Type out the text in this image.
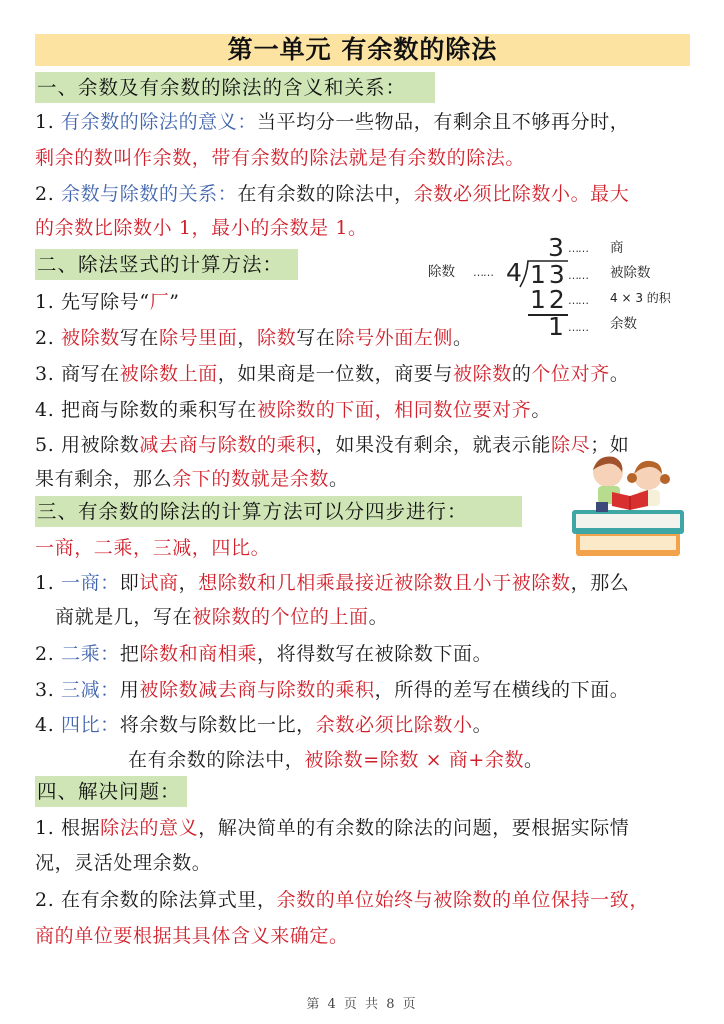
第一单元 有余数的除法
一、余数及有余数的除法的含义和关系：
1. 有余数的除法的意义：当平均分一些物品，有剩余且不够再分时，
剩余的数叫作余数，带有余数的除法就是有余数的除法。
2. 余数与除数的关系：在有余数的除法中，余数必须比除数小。最大
的余数比除数小 1，最小的余数是 1。
二、除法竖式的计算方法：
1. 先写除号“厂”
2. 被除数写在除号里面，除数写在除号外面左侧。
3. 商写在被除数上面，如果商是一位数，商要与被除数的个位对齐。
4. 把商与除数的乘积写在被除数的下面，相同数位要对齐。
5. 用被除数减去商与除数的乘积，如果没有剩余，就表示能除尽；如
果有剩余，那么余下的数就是余数。
3 …… 商
除数 …… 4 13 …… 被除数
12 …… 4 × 3 的积
1 …… 余数
三、有余数的除法的计算方法可以分四步进行：
一商，二乘，三减，四比。
1. 一商：即试商，想除数和几相乘最接近被除数且小于被除数，那么
商就是几，写在被除数的个位的上面。
2. 二乘：把除数和商相乘，将得数写在被除数下面。
3. 三减：用被除数减去商与除数的乘积，所得的差写在横线的下面。
4. 四比：将余数与除数比一比，余数必须比除数小。
在有余数的除法中，被除数=除数 × 商+余数。
四、解决问题：
1. 根据除法的意义，解决简单的有余数的除法的问题，要根据实际情
况，灵活处理余数。
2. 在有余数的除法算式里，余数的单位始终与被除数的单位保持一致，
商的单位要根据其具体含义来确定。
第 4 页 共 8 页
